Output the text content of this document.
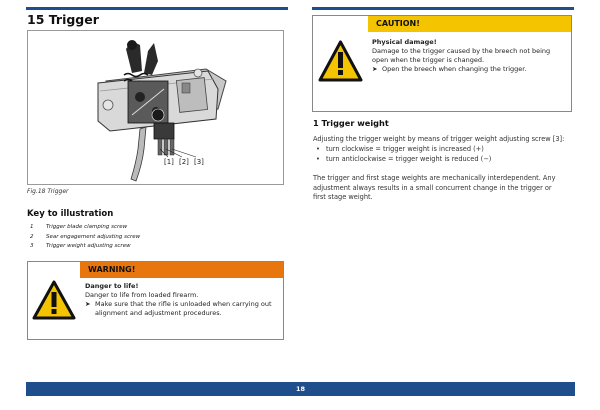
15 Trigger
[1] [2] [3]
Fig.18 Trigger
Key to illustration
1	Trigger blade clamping screw
2	Sear engagement adjusting screw
3	Trigger weight adjusting screw
WARNING!
Danger to life!
Danger to life from loaded firearm.
➤ Make sure that the rifle is unloaded when carrying out alignment and adjustment procedures.
CAUTION!
Physical damage!
Damage to the trigger caused by the breech not being open when the trigger is changed.
➤ Open the breech when changing the trigger.
1 Trigger weight
Adjusting the trigger weight by means of trigger weight adjusting screw [3]:
• turn clockwise = trigger weight is increased (+)
• turn anticlockwise = trigger weight is reduced (−)
The trigger and first stage weights are mechanically interdependent. Any adjustment always results in a small concurrent change in the trigger or first stage weight.
18
